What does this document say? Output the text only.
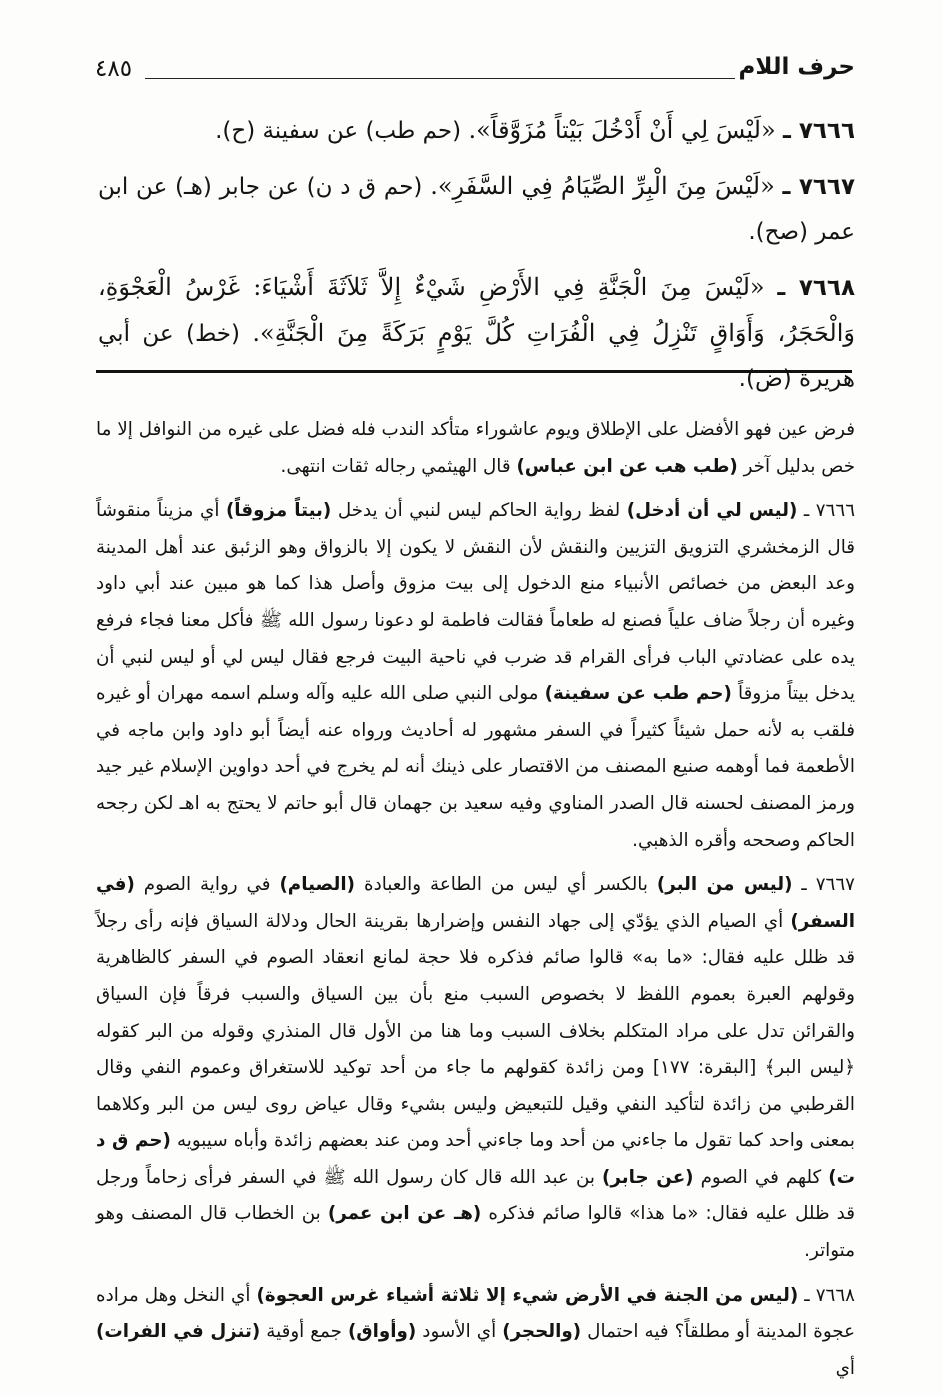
٤٨٥	حرف اللام

٧٦٦٦ ـ «لَيْسَ لِي أَنْ أَدْخُلَ بَيْتاً مُزَوَّقاً». (حم طب) عن سفينة (ح).

٧٦٦٧ ـ «لَيْسَ مِنَ الْبِرِّ الصِّيَامُ فِي السَّفَرِ». (حم ق د ن) عن جابر (هـ) عن ابن عمر (صح).

٧٦٦٨ ـ «لَيْسَ مِنَ الْجَنَّةِ فِي الأَرْضِ شَيْءٌ إِلاَّ ثَلاَثَةَ أَشْيَاءَ: غَرْسُ الْعَجْوَةِ، وَالْحَجَرُ، وَأَوَاقٍ تَنْزِلُ فِي الْفُرَاتِ كُلَّ يَوْمٍ بَرَكَةً مِنَ الْجَنَّةِ». (خط) عن أبي هريرة (ض).

فرض عين فهو الأفضل على الإطلاق ويوم عاشوراء متأكد الندب فله فضل على غيره من النوافل إلا ما خص بدليل آخر (طب هب عن ابن عباس) قال الهيثمي رجاله ثقات انتهى.

٧٦٦٦ ـ (ليس لي أن أدخل) لفظ رواية الحاكم ليس لنبي أن يدخل (بيتاً مزوقاً) أي مزيناً منقوشاً قال الزمخشري التزويق التزيين والنقش لأن النقش لا يكون إلا بالزواق وهو الزئبق عند أهل المدينة وعد البعض من خصائص الأنبياء منع الدخول إلى بيت مزوق وأصل هذا كما هو مبين عند أبي داود وغيره أن رجلاً ضاف علياً فصنع له طعاماً فقالت فاطمة لو دعونا رسول الله ﷺ فأكل معنا فجاء فرفع يده على عضادتي الباب فرأى القرام قد ضرب في ناحية البيت فرجع فقال ليس لي أو ليس لنبي أن يدخل بيتاً مزوقاً (حم طب عن سفينة) مولى النبي صلى الله عليه وآله وسلم اسمه مهران أو غيره فلقب به لأنه حمل شيئاً كثيراً في السفر مشهور له أحاديث ورواه عنه أيضاً أبو داود وابن ماجه في الأطعمة فما أوهمه صنيع المصنف من الاقتصار على ذينك أنه لم يخرج في أحد دواوين الإسلام غير جيد ورمز المصنف لحسنه قال الصدر المناوي وفيه سعيد بن جهمان قال أبو حاتم لا يحتج به اهـ لكن رجحه الحاكم وصححه وأقره الذهبي.

٧٦٦٧ ـ (ليس من البر) بالكسر أي ليس من الطاعة والعبادة (الصيام) في رواية الصوم (في السفر) أي الصيام الذي يؤدّي إلى جهاد النفس وإضرارها بقرينة الحال ودلالة السياق فإنه رأى رجلاً قد ظلل عليه فقال: «ما به» قالوا صائم فذكره فلا حجة لمانع انعقاد الصوم في السفر كالظاهرية وقولهم العبرة بعموم اللفظ لا بخصوص السبب منع بأن بين السياق والسبب فرقاً فإن السياق والقرائن تدل على مراد المتكلم بخلاف السبب وما هنا من الأول قال المنذري وقوله من البر كقوله ﴿ليس البر﴾ [البقرة: ١٧٧] ومن زائدة كقولهم ما جاء من أحد توكيد للاستغراق وعموم النفي وقال القرطبي من زائدة لتأكيد النفي وقيل للتبعيض وليس بشيء وقال عياض روى ليس من البر وكلاهما بمعنى واحد كما تقول ما جاءني من أحد وما جاءني أحد ومن عند بعضهم زائدة وأباه سيبويه (حم ق د ت) كلهم في الصوم (عن جابر) بن عبد الله قال كان رسول الله ﷺ في السفر فرأى زحاماً ورجل قد ظلل عليه فقال: «ما هذا» قالوا صائم فذكره (هـ عن ابن عمر) بن الخطاب قال المصنف وهو متواتر.

٧٦٦٨ ـ (ليس من الجنة في الأرض شيء إلا ثلاثة أشياء غرس العجوة) أي النخل وهل مراده عجوة المدينة أو مطلقاً؟ فيه احتمال (والحجر) أي الأسود (وأواق) جمع أوقية (تنزل في الفرات) أي
